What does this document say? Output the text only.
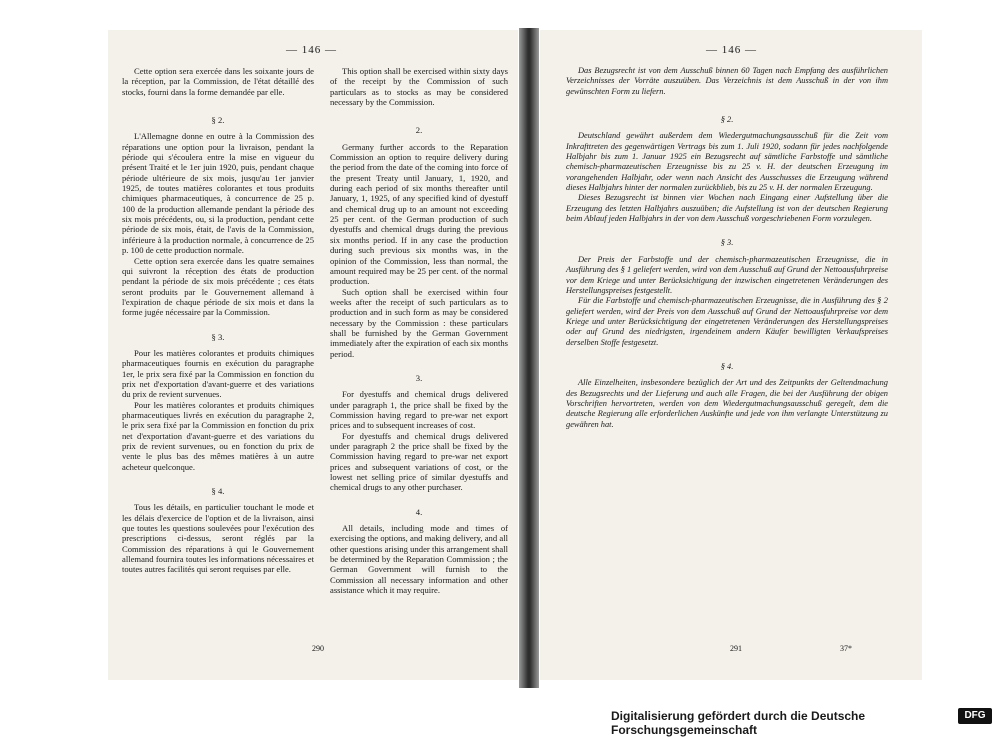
— 146 —

Cette option sera exercée dans les soixante jours de la réception, par la Commission, de l'état détaillé des stocks, fourni dans la forme demandée par elle.

§ 2.

L'Allemagne donne en outre à la Commission des réparations une option pour la livraison, pendant la période qui s'écoulera entre la mise en vigueur du présent Traité et le 1er juin 1920, puis, pendant chaque période ultérieure de six mois, jusqu'au 1er janvier 1925, de toutes matières colorantes et tous produits chimiques pharmaceutiques, à concurrence de 25 p. 100 de la production allemande pendant la période des six mois précédents, ou, si la production, pendant cette période de six mois, était, de l'avis de la Commission, inférieure à la production normale, à concurrence de 25 p. 100 de cette production normale.

Cette option sera exercée dans les quatre semaines qui suivront la réception des états de production pendant la période de six mois précédente ; ces états seront produits par le Gouvernement allemand à l'expiration de chaque période de six mois et dans la forme jugée nécessaire par la Commission.

§ 3.

Pour les matières colorantes et produits chimiques pharmaceutiques fournis en exécution du paragraphe 1er, le prix sera fixé par la Commission en fonction du prix net d'exportation d'avant-guerre et des variations du prix de revient survenues.

Pour les matières colorantes et produits chimiques pharmaceutiques livrés en exécution du paragraphe 2, le prix sera fixé par la Commission en fonction du prix net d'exportation d'avant-guerre et des variations du prix de revient survenues, ou en fonction du prix de vente le plus bas des mêmes matières à un autre acheteur quelconque.

§ 4.

Tous les détails, en particulier touchant le mode et les délais d'exercice de l'option et de la livraison, ainsi que toutes les questions soulevées pour l'exécution des prescriptions ci-dessus, seront réglés par la Commission des réparations à qui le Gouvernement allemand fournira toutes les informations nécessaires et toutes autres facilités qui seront requises par elle.

This option shall be exercised within sixty days of the receipt by the Commission of such particulars as to stocks as may be considered necessary by the Commission.

2.

Germany further accords to the Reparation Commission an option to require delivery during the period from the date of the coming into force of the present Treaty until January, 1, 1920, and during each period of six months thereafter until January, 1, 1925, of any specified kind of dyestuff and chemical drug up to an amount not exceeding 25 per cent. of the German production of such dyestuffs and chemical drugs during the previous six months period. If in any case the production during such previous six months was, in the opinion of the Commission, less than normal, the amount required may be 25 per cent. of the normal production.

Such option shall be exercised within four weeks after the receipt of such particulars as to production and in such form as may be considered necessary by the Commission : these particulars shall be furnished by the German Government immediately after the expiration of each six months period.

3.

For dyestuffs and chemical drugs delivered under paragraph 1, the price shall be fixed by the Commission having regard to pre-war net export prices and to subsequent increases of cost.

For dyestuffs and chemical drugs delivered under paragraph 2 the price shall be fixed by the Commission having regard to pre-war net export prices and subsequent variations of cost, or the lowest net selling price of similar dyestuffs and chemical drugs to any other purchaser.

4.

All details, including mode and times of exercising the options, and making delivery, and all other questions arising under this arrangement shall be determined by the Reparation Commission ; the German Government will furnish to the Commission all necessary information and other assistance which it may require.

290
— 146 —

Das Bezugsrecht ist von dem Ausschuß binnen 60 Tagen nach Empfang des ausführlichen Verzeichnisses der Vorräte auszuüben. Das Verzeichnis ist dem Ausschuß in der von ihm gewünschten Form zu liefern.

§ 2.

Deutschland gewährt außerdem dem Wiedergutmachungsausschuß für die Zeit vom Inkrafttreten des gegenwärtigen Vertrags bis zum 1. Juli 1920, sodann für jedes nachfolgende Halbjahr bis zum 1. Januar 1925 ein Bezugsrecht auf sämtliche Farbstoffe und sämtliche chemisch-pharmazeutischen Erzeugnisse bis zu 25 v. H. der deutschen Erzeugung im vorangehenden Halbjahr, oder wenn nach Ansicht des Ausschusses die Erzeugung während dieses Halbjahrs hinter der normalen zurückblieb, bis zu 25 v. H. der normalen Erzeugung.

Dieses Bezugsrecht ist binnen vier Wochen nach Eingang einer Aufstellung über die Erzeugung des letzten Halbjahrs auszuüben; die Aufstellung ist von der deutschen Regierung beim Ablauf jeden Halbjahrs in der von dem Ausschuß vorgeschriebenen Form vorzulegen.

§ 3.

Der Preis der Farbstoffe und der chemisch-pharmazeutischen Erzeugnisse, die in Ausführung des § 1 geliefert werden, wird von dem Ausschuß auf Grund der Nettoausfuhrpreise vor dem Kriege und unter Berücksichtigung der inzwischen eingetretenen Veränderungen des Herstellungspreises festgestellt.

Für die Farbstoffe und chemisch-pharmazeutischen Erzeugnisse, die in Ausführung des § 2 geliefert werden, wird der Preis von dem Ausschuß auf Grund der Nettoausfuhrpreise vor dem Kriege und unter Berücksichtigung der eingetretenen Veränderungen des Herstellungspreises oder auf Grund des niedrigsten, irgendeinem andern Käufer bewilligten Verkaufspreises derselben Stoffe festgesetzt.

§ 4.

Alle Einzelheiten, insbesondere bezüglich der Art und des Zeitpunkts der Geltendmachung des Bezugsrechts und der Lieferung und auch alle Fragen, die bei der Ausführung der obigen Vorschriften hervortreten, werden von dem Wiedergutmachungsausschuß geregelt, dem die deutsche Regierung alle erforderlichen Auskünfte und jede von ihm verlangte Unterstützung zu gewähren hat.

291	37*
Digitalisierung gefördert durch die Deutsche Forschungsgemeinschaft
DFG
